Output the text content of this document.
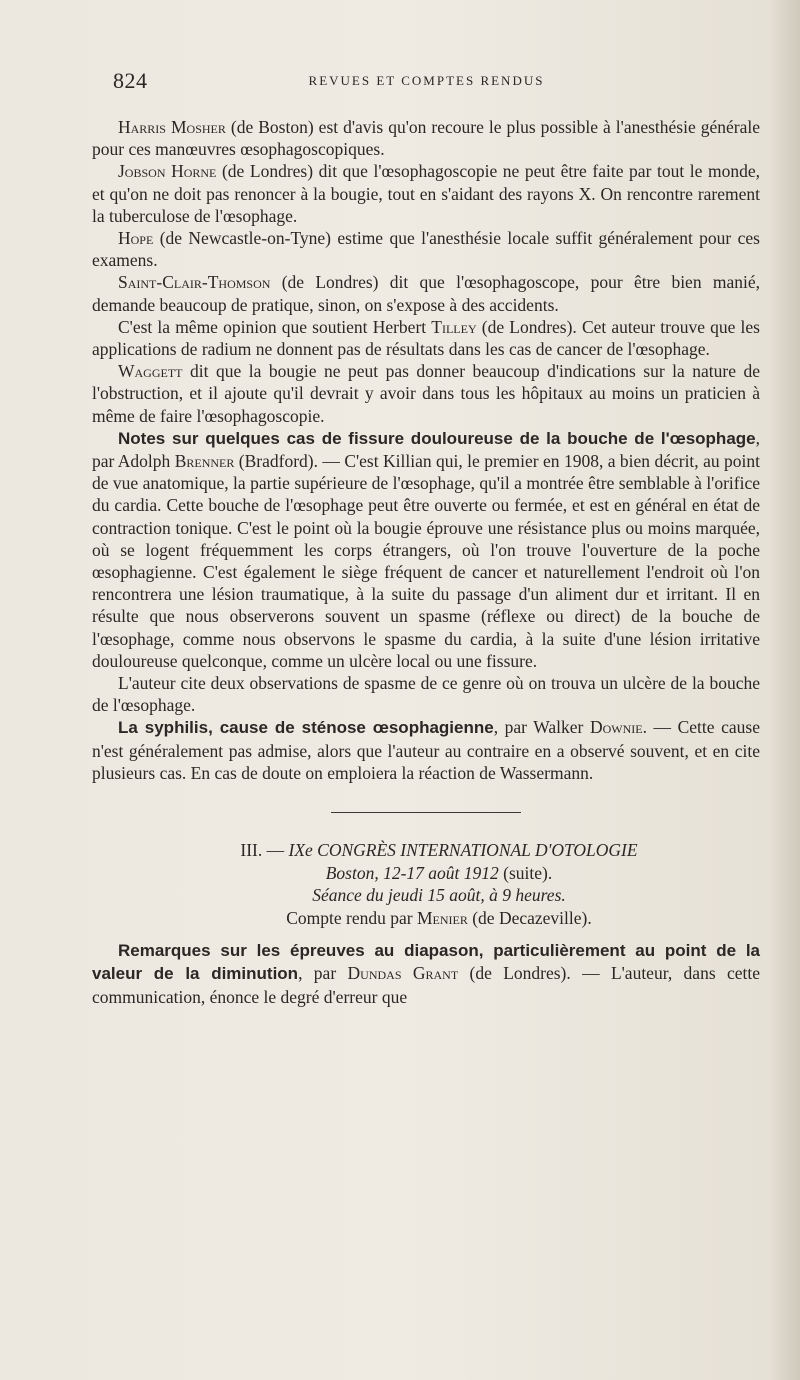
824	REVUES ET COMPTES RENDUS

Harris Mosher (de Boston) est d'avis qu'on recoure le plus possible à l'anesthésie générale pour ces manœuvres œsophagoscopiques.

Jobson Horne (de Londres) dit que l'œsophagoscopie ne peut être faite par tout le monde, et qu'on ne doit pas renoncer à la bougie, tout en s'aidant des rayons X. On rencontre rarement la tuberculose de l'œsophage.

Hope (de Newcastle-on-Tyne) estime que l'anesthésie locale suffit généralement pour ces examens.

Saint-Clair-Thomson (de Londres) dit que l'œsophagoscope, pour être bien manié, demande beaucoup de pratique, sinon, on s'expose à des accidents.

C'est la même opinion que soutient Herbert Tilley (de Londres). Cet auteur trouve que les applications de radium ne donnent pas de résultats dans les cas de cancer de l'œsophage.

Waggett dit que la bougie ne peut pas donner beaucoup d'indications sur la nature de l'obstruction, et il ajoute qu'il devrait y avoir dans tous les hôpitaux au moins un praticien à même de faire l'œsophagoscopie.

Notes sur quelques cas de fissure douloureuse de la bouche de l'œsophage, par Adolph Brenner (Bradford). — C'est Killian qui, le premier en 1908, a bien décrit, au point de vue anatomique, la partie supérieure de l'œsophage, qu'il a montrée être semblable à l'orifice du cardia. Cette bouche de l'œsophage peut être ouverte ou fermée, et est en général en état de contraction tonique. C'est le point où la bougie éprouve une résistance plus ou moins marquée, où se logent fréquemment les corps étrangers, où l'on trouve l'ouverture de la poche œsophagienne. C'est également le siège fréquent de cancer et naturellement l'endroit où l'on rencontrera une lésion traumatique, à la suite du passage d'un aliment dur et irritant. Il en résulte que nous observerons souvent un spasme (réflexe ou direct) de la bouche de l'œsophage, comme nous observons le spasme du cardia, à la suite d'une lésion irritative douloureuse quelconque, comme un ulcère local ou une fissure.

L'auteur cite deux observations de spasme de ce genre où on trouva un ulcère de la bouche de l'œsophage.

La syphilis, cause de sténose œsophagienne, par Walker Downie. — Cette cause n'est généralement pas admise, alors que l'auteur au contraire en a observé souvent, et en cite plusieurs cas. En cas de doute on emploiera la réaction de Wassermann.

III. — IXe CONGRÈS INTERNATIONAL D'OTOLOGIE

Boston, 12-17 août 1912 (suite).

Séance du jeudi 15 août, à 9 heures.

Compte rendu par Menier (de Decazeville).

Remarques sur les épreuves au diapason, particulièrement au point de la valeur de la diminution, par Dundas Grant (de Londres). — L'auteur, dans cette communication, énonce le degré d'erreur que
